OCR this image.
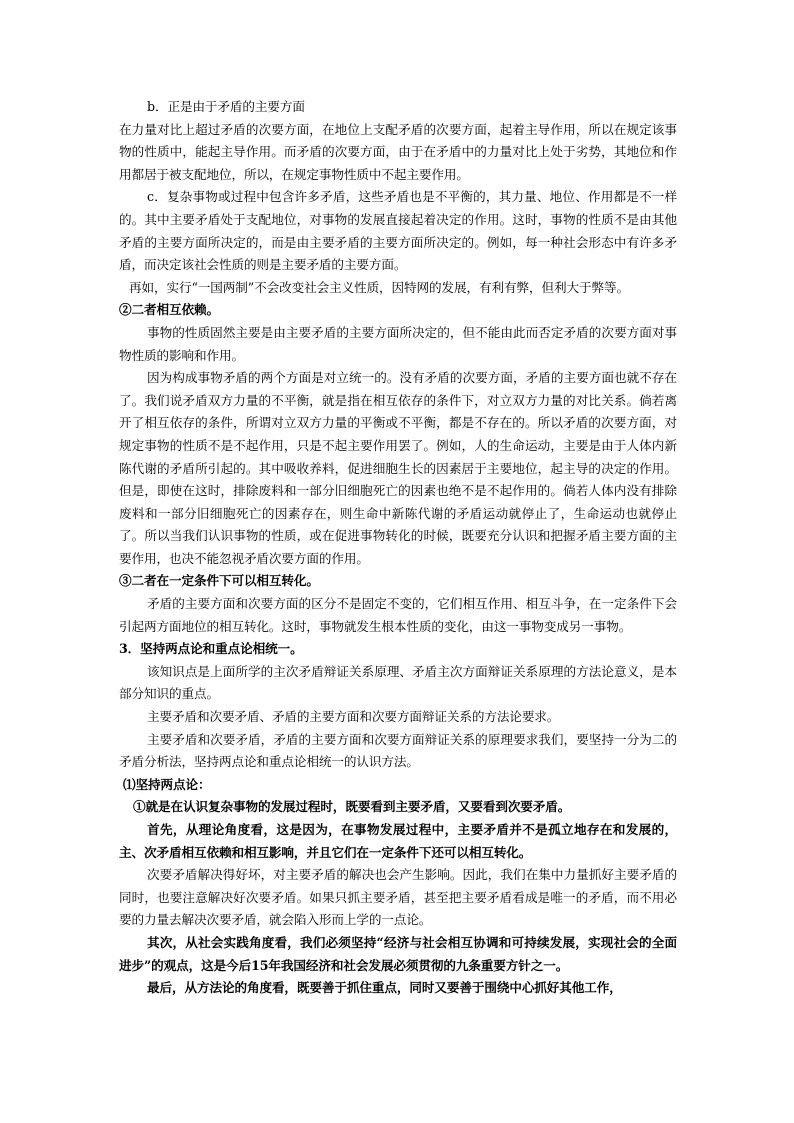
b．正是由于矛盾的主要方面

在力量对比上超过矛盾的次要方面，在地位上支配矛盾的次要方面，起着主导作用，所以在规定该事物的性质中，能起主导作用。而矛盾的次要方面，由于在矛盾中的力量对比上处于劣势，其地位和作用都居于被支配地位，所以，在规定事物性质中不起主要作用。

c．复杂事物或过程中包含许多矛盾，这些矛盾也是不平衡的，其力量、地位、作用都是不一样的。其中主要矛盾处于支配地位，对事物的发展直接起着决定的作用。这时，事物的性质不是由其他矛盾的主要方面所决定的，而是由主要矛盾的主要方面所决定的。例如，每一种社会形态中有许多矛盾，而决定该社会性质的则是主要矛盾的主要方面。

再如，实行“一国两制”不会改变社会主义性质，因特网的发展，有利有弊，但利大于弊等。

②二者相互依赖。

事物的性质固然主要是由主要矛盾的主要方面所决定的，但不能由此而否定矛盾的次要方面对事物性质的影响和作用。

因为构成事物矛盾的两个方面是对立统一的。没有矛盾的次要方面，矛盾的主要方面也就不存在了。我们说矛盾双方力量的不平衡，就是指在相互依存的条件下，对立双方力量的对比关系。倘若离开了相互依存的条件，所谓对立双方力量的平衡或不平衡，都是不存在的。所以矛盾的次要方面，对规定事物的性质不是不起作用，只是不起主要作用罢了。例如，人的生命运动，主要是由于人体内新陈代谢的矛盾所引起的。其中吸收养料，促进细胞生长的因素居于主要地位，起主导的决定的作用。但是，即使在这时，排除废料和一部分旧细胞死亡的因素也绝不是不起作用的。倘若人体内没有排除废料和一部分旧细胞死亡的因素存在，则生命中新陈代谢的矛盾运动就停止了，生命运动也就停止了。所以当我们认识事物的性质，或在促进事物转化的时候，既要充分认识和把握矛盾主要方面的主要作用，也决不能忽视矛盾次要方面的作用。

③二者在一定条件下可以相互转化。

矛盾的主要方面和次要方面的区分不是固定不变的，它们相互作用、相互斗争，在一定条件下会引起两方面地位的相互转化。这时，事物就发生根本性质的变化，由这一事物变成另一事物。

3．坚持两点论和重点论相统一。

该知识点是上面所学的主次矛盾辩证关系原理、矛盾主次方面辩证关系原理的方法论意义，是本部分知识的重点。

主要矛盾和次要矛盾、矛盾的主要方面和次要方面辩证关系的方法论要求。

主要矛盾和次要矛盾，矛盾的主要方面和次要方面辩证关系的原理要求我们，要坚持一分为二的矛盾分析法，坚持两点论和重点论相统一的认识方法。

⑴坚持两点论：

①就是在认识复杂事物的发展过程时，既要看到主要矛盾，又要看到次要矛盾。

首先，从理论角度看，这是因为，在事物发展过程中，主要矛盾并不是孤立地存在和发展的，主、次矛盾相互依赖和相互影响，并且它们在一定条件下还可以相互转化。

次要矛盾解决得好坏，对主要矛盾的解决也会产生影响。因此，我们在集中力量抓好主要矛盾的同时，也要注意解决好次要矛盾。如果只抓主要矛盾，甚至把主要矛盾看成是唯一的矛盾，而不用必要的力量去解决次要矛盾，就会陷入形而上学的一点论。

其次，从社会实践角度看，我们必须坚持“经济与社会相互协调和可持续发展，实现社会的全面进步”的观点，这是今后15年我国经济和社会发展必须贯彻的九条重要方针之一。

最后，从方法论的角度看，既要善于抓住重点，同时又要善于围绕中心抓好其他工作，
